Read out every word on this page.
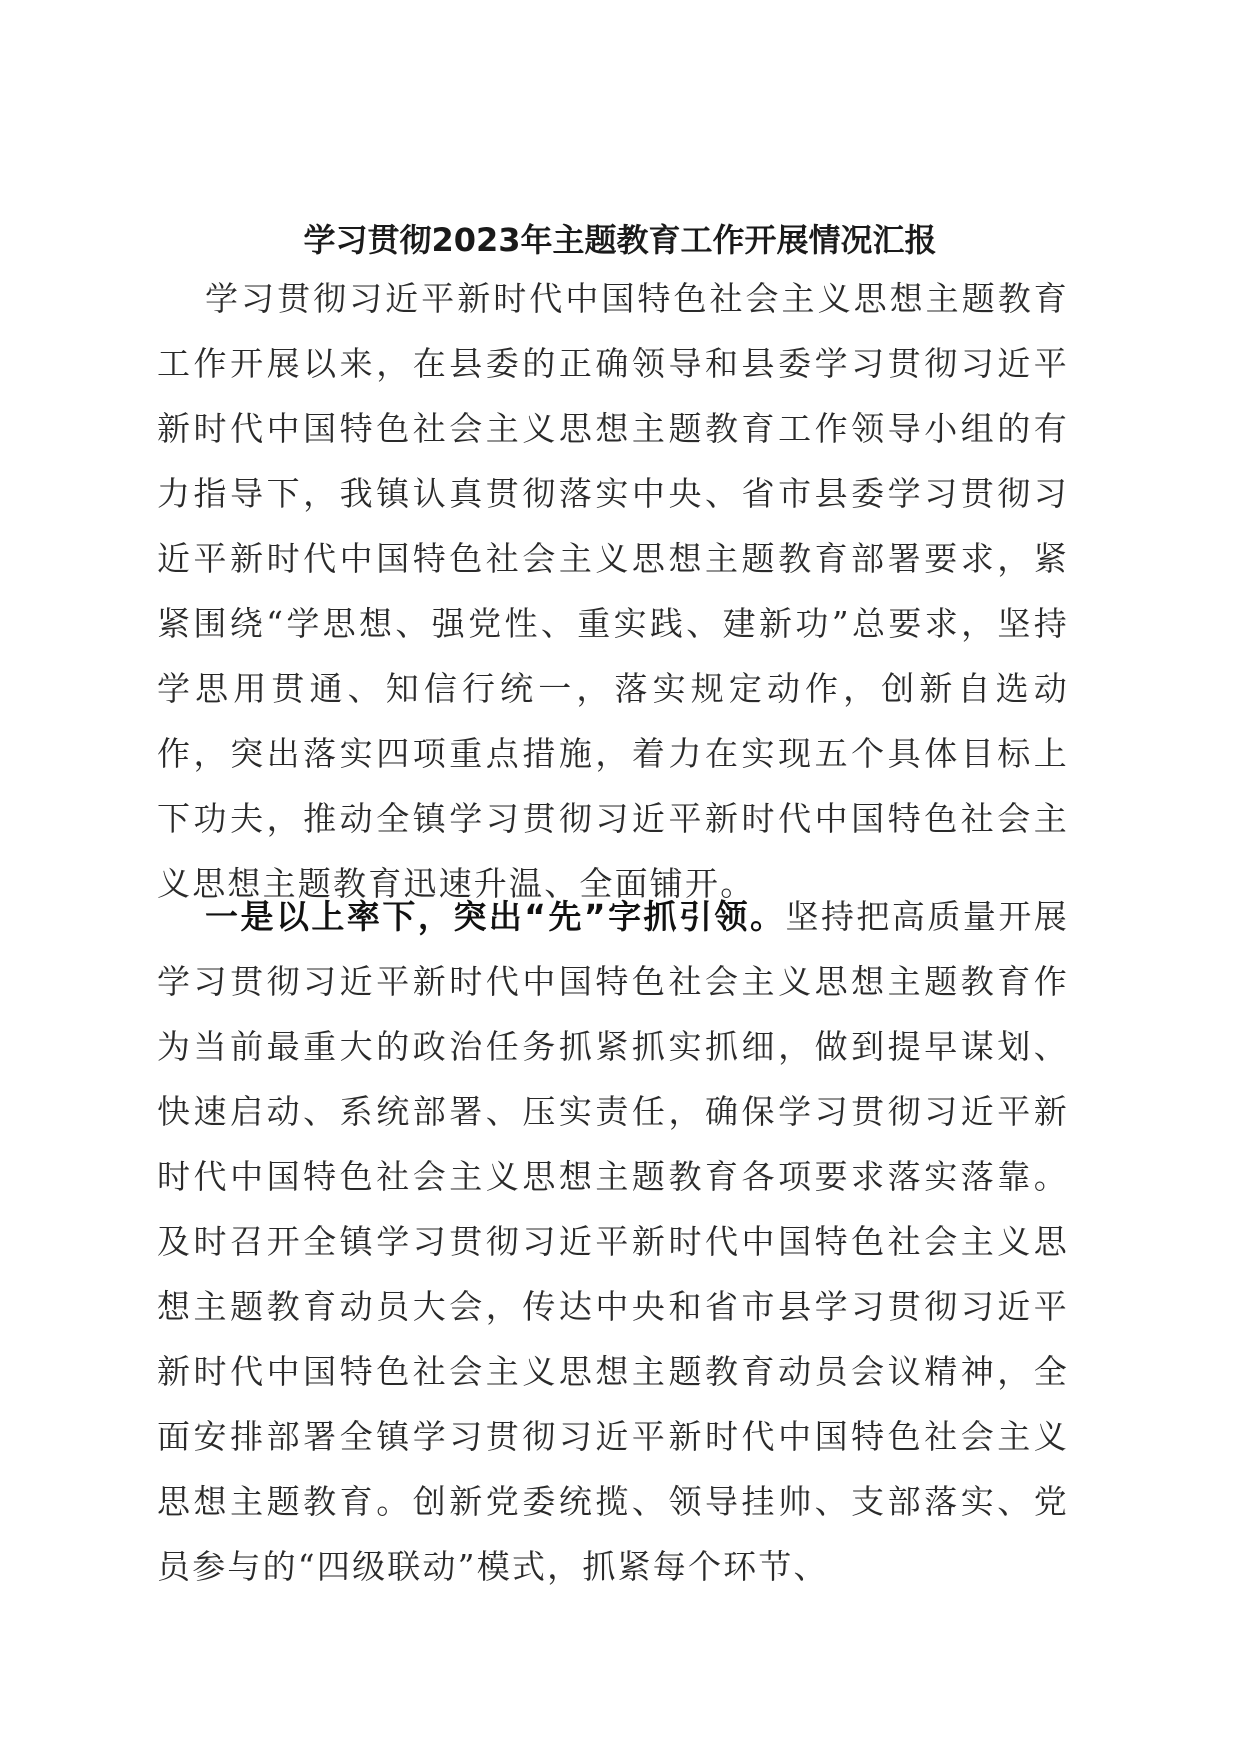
学习贯彻2023年主题教育工作开展情况汇报

学习贯彻习近平新时代中国特色社会主义思想主题教育工作开展以来，在县委的正确领导和县委学习贯彻习近平新时代中国特色社会主义思想主题教育工作领导小组的有力指导下，我镇认真贯彻落实中央、省市县委学习贯彻习近平新时代中国特色社会主义思想主题教育部署要求，紧紧围绕“学思想、强党性、重实践、建新功”总要求，坚持学思用贯通、知信行统一，落实规定动作，创新自选动作，突出落实四项重点措施，着力在实现五个具体目标上下功夫，推动全镇学习贯彻习近平新时代中国特色社会主义思想主题教育迅速升温、全面铺开。

一是以上率下，突出“先”字抓引领。坚持把高质量开展学习贯彻习近平新时代中国特色社会主义思想主题教育作为当前最重大的政治任务抓紧抓实抓细，做到提早谋划、快速启动、系统部署、压实责任，确保学习贯彻习近平新时代中国特色社会主义思想主题教育各项要求落实落靠。及时召开全镇学习贯彻习近平新时代中国特色社会主义思想主题教育动员大会，传达中央和省市县学习贯彻习近平新时代中国特色社会主义思想主题教育动员会议精神，全面安排部署全镇学习贯彻习近平新时代中国特色社会主义思想主题教育。创新党委统揽、领导挂帅、支部落实、党员参与的“四级联动”模式，抓紧每个环节、
